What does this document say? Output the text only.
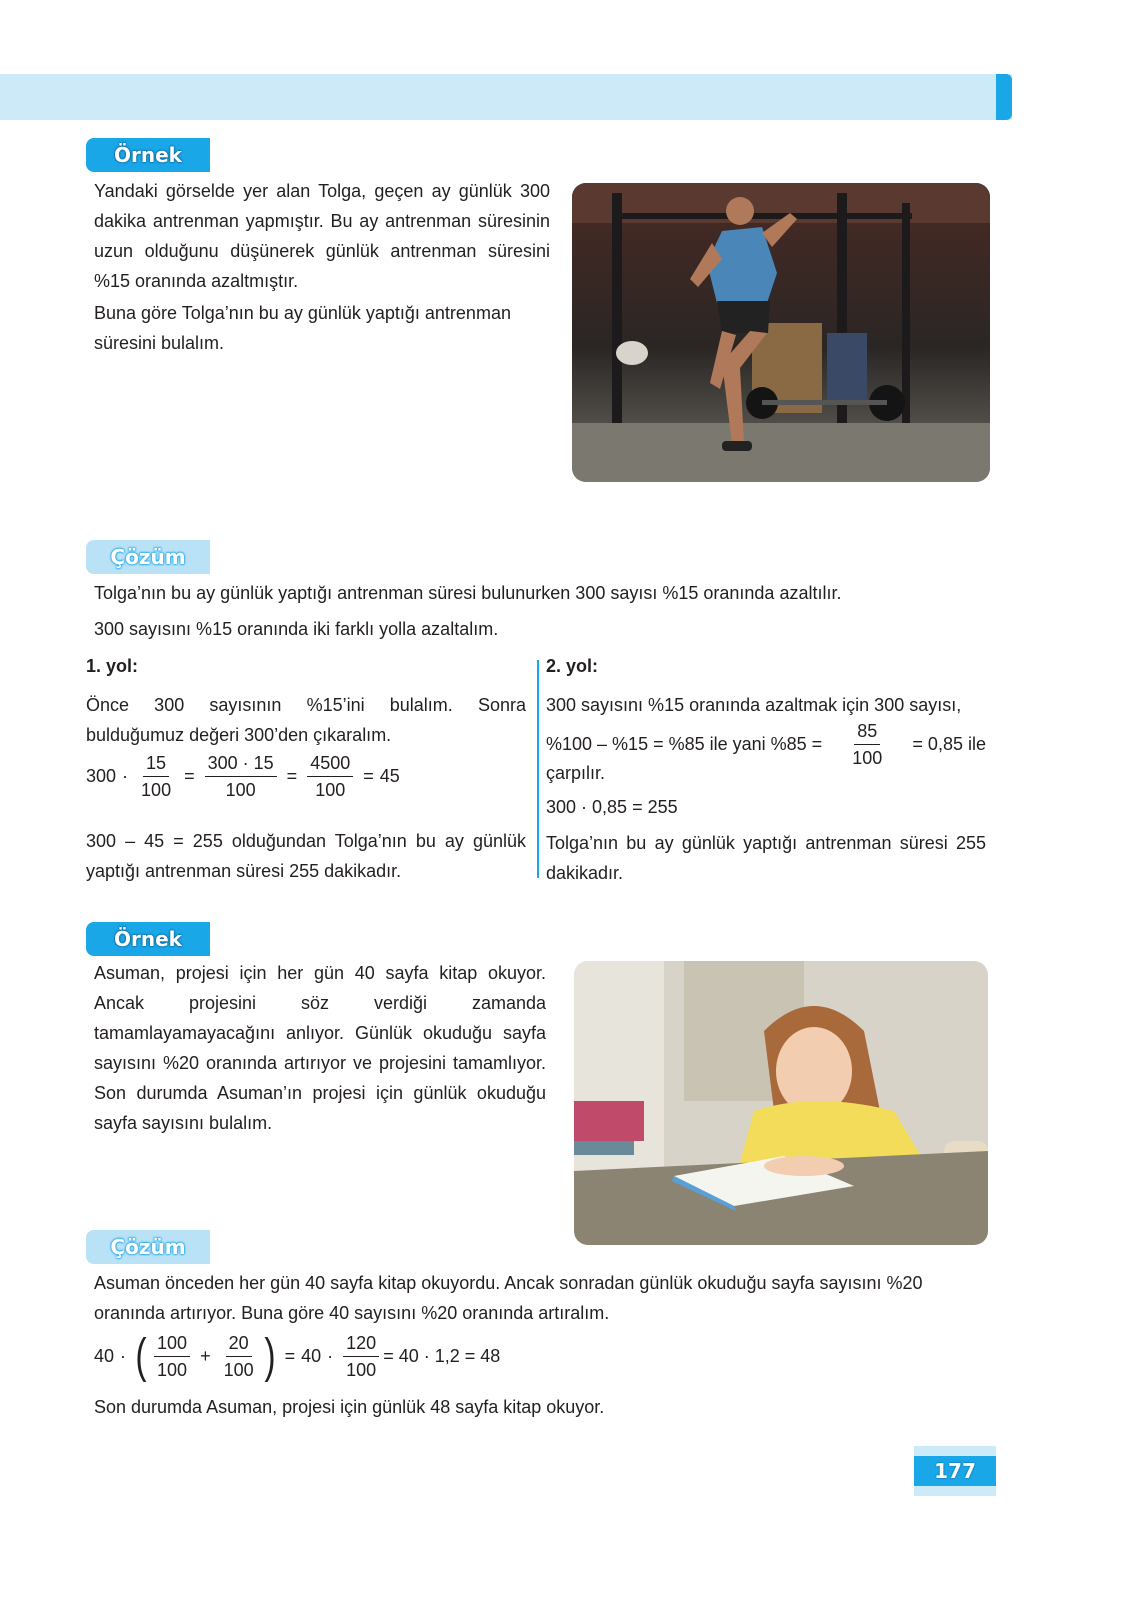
Örnek

Yandaki görselde yer alan Tolga, geçen ay günlük 300 dakika antrenman yapmıştır. Bu ay antrenman süresinin uzun olduğunu düşünerek günlük antrenman süresini %15 oranında azaltmıştır.

Buna göre Tolga’nın bu ay günlük yaptığı antrenman süresini bulalım.

Çözüm

Tolga’nın bu ay günlük yaptığı antrenman süresi bulunurken 300 sayısı %15 oranında azaltılır.

300 sayısını %15 oranında iki farklı yolla azaltalım.

1. yol:

Önce 300 sayısının %15’ini bulalım. Sonra bulduğumuz değeri 300’den çıkaralım.

$300 \cdot \frac{15}{100} = \frac{300 \cdot 15}{100} = \frac{4500}{100} = 45$

300 – 45 = 255 olduğundan Tolga’nın bu ay günlük yaptığı antrenman süresi 255 dakikadır.

2. yol:

300 sayısını %15 oranında azaltmak için 300 sayısı,

%100 – %15 = %85 ile yani $\%85 = \frac{85}{100} = 0,85$ ile

çarpılır.

300 · 0,85 = 255

Tolga’nın bu ay günlük yaptığı antrenman süresi 255 dakikadır.

Örnek

Asuman, projesi için her gün 40 sayfa kitap okuyor. Ancak projesini söz verdiği zamanda tamamlayamayacağını anlıyor. Günlük okuduğu sayfa sayısını %20 oranında artırıyor ve projesini tamamlıyor. Son durumda Asuman’ın projesi için günlük okuduğu sayfa sayısını bulalım.

Çözüm

Asuman önceden her gün 40 sayfa kitap okuyordu. Ancak sonradan günlük okuduğu sayfa sayısını %20 oranında artırıyor. Buna göre 40 sayısını %20 oranında artıralım.

40 · ( $\frac{100}{100} + \frac{20}{100}$ ) = $40 \cdot \frac{120}{100} = 40 \cdot 1,2 = 48$

Son durumda Asuman, projesi için günlük 48 sayfa kitap okuyor.

177
